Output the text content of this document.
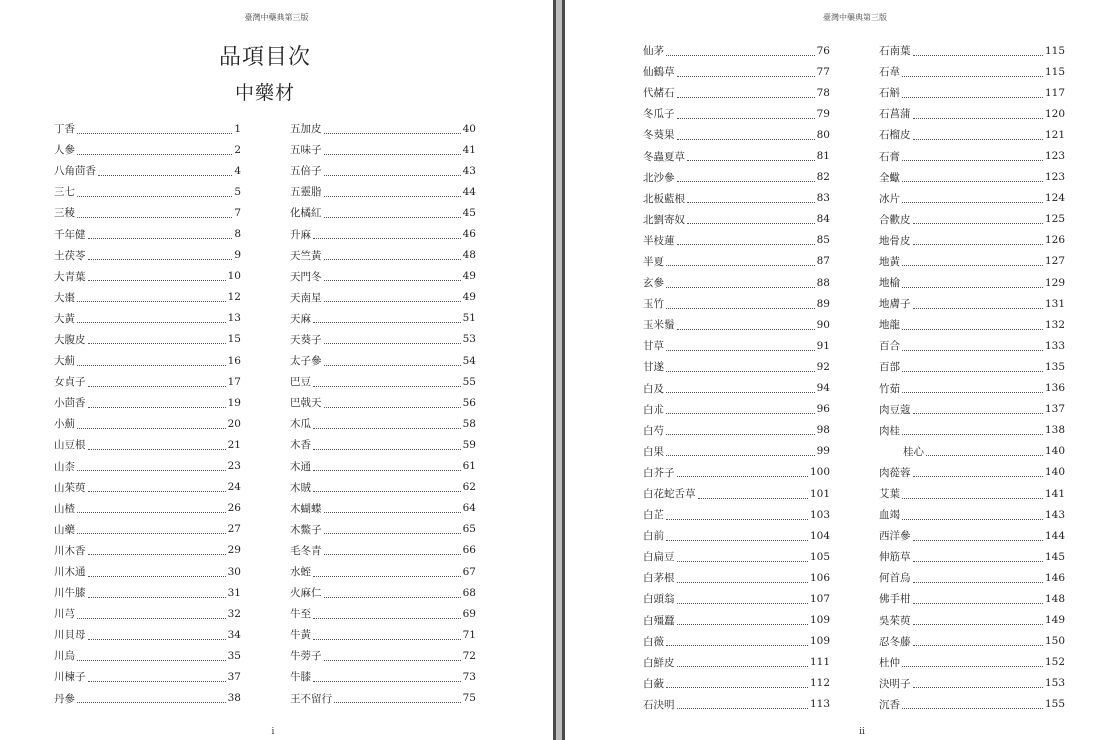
臺灣中藥典第三版
品項目次
中藥材
丁香	1
人參	2
八角茴香	4
三七	5
三稜	7
千年健	8
土茯苓	9
大青葉	10
大棗	12
大黃	13
大腹皮	15
大薊	16
女貞子	17
小茴香	19
小薊	20
山豆根	21
山柰	23
山茱萸	24
山楂	26
山藥	27
川木香	29
川木通	30
川牛膝	31
川芎	32
川貝母	34
川烏	35
川楝子	37
丹參	38
五加皮	40
五味子	41
五倍子	43
五靈脂	44
化橘紅	45
升麻	46
天竺黃	48
天門冬	49
天南星	49
天麻	51
天葵子	53
太子參	54
巴豆	55
巴戟天	56
木瓜	58
木香	59
木通	61
木賊	62
木蝴蝶	64
木鱉子	65
毛冬青	66
水蛭	67
火麻仁	68
牛至	69
牛黃	71
牛蒡子	72
牛膝	73
王不留行	75
i
臺灣中藥典第三版
仙茅	76
仙鶴草	77
代赭石	78
冬瓜子	79
冬葵果	80
冬蟲夏草	81
北沙參	82
北板藍根	83
北劉寄奴	84
半枝蓮	85
半夏	87
玄參	88
玉竹	89
玉米鬚	90
甘草	91
甘遂	92
白及	94
白朮	96
白芍	98
白果	99
白芥子	100
白花蛇舌草	101
白芷	103
白前	104
白扁豆	105
白茅根	106
白頭翁	107
白殭蠶	109
白薇	109
白鮮皮	111
白蘞	112
石決明	113
石南葉	115
石韋	115
石斛	117
石菖蒲	120
石榴皮	121
石膏	123
全蠍	123
冰片	124
合歡皮	125
地骨皮	126
地黃	127
地榆	129
地膚子	131
地龍	132
百合	133
百部	135
竹茹	136
肉豆蔻	137
肉桂	138
桂心	140
肉蓯蓉	140
艾葉	141
血竭	143
西洋參	144
伸筋草	145
何首烏	146
佛手柑	148
吳茱萸	149
忍冬藤	150
杜仲	152
決明子	153
沉香	155
ii
